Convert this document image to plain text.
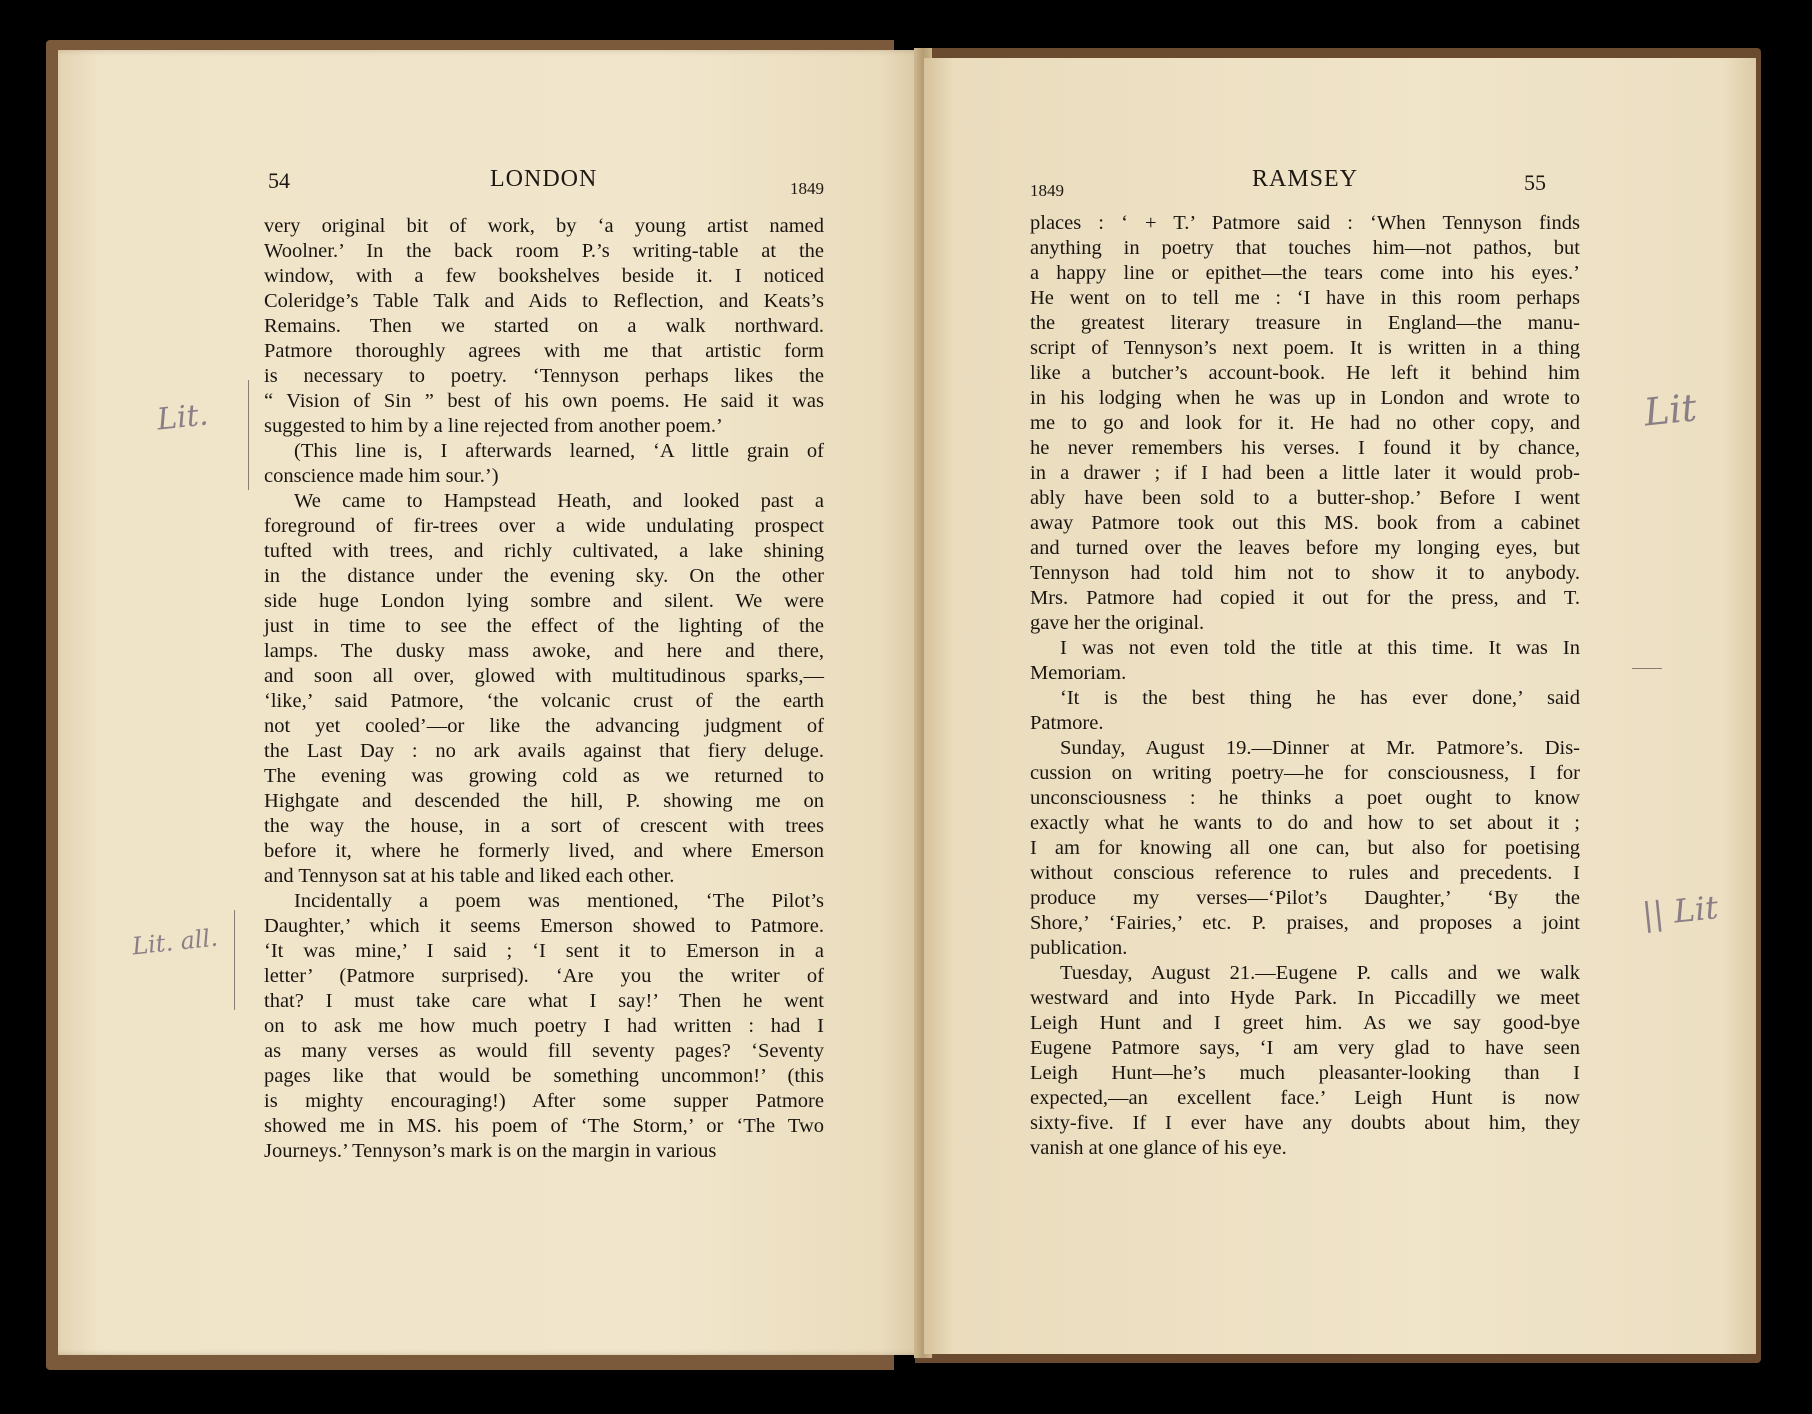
54	LONDON	1849
very original bit of work, by ‘a young artist named
Woolner.’ In the back room P.’s writing-table at the
window, with a few bookshelves beside it. I noticed
Coleridge’s Table Talk and Aids to Reflection, and Keats’s
Remains. Then we started on a walk northward.
Patmore thoroughly agrees with me that artistic form
is necessary to poetry. ‘Tennyson perhaps likes the
“ Vision of Sin ” best of his own poems. He said it was
suggested to him by a line rejected from another poem.’
(This line is, I afterwards learned, ‘A little grain of
conscience made him sour.’)
We came to Hampstead Heath, and looked past a
foreground of fir-trees over a wide undulating prospect
tufted with trees, and richly cultivated, a lake shining
in the distance under the evening sky. On the other
side huge London lying sombre and silent. We were
just in time to see the effect of the lighting of the
lamps. The dusky mass awoke, and here and there,
and soon all over, glowed with multitudinous sparks,—
‘like,’ said Patmore, ‘the volcanic crust of the earth
not yet cooled’—or like the advancing judgment of
the Last Day : no ark avails against that fiery deluge.
The evening was growing cold as we returned to
Highgate and descended the hill, P. showing me on
the way the house, in a sort of crescent with trees
before it, where he formerly lived, and where Emerson
and Tennyson sat at his table and liked each other.
Incidentally a poem was mentioned, ‘The Pilot’s
Daughter,’ which it seems Emerson showed to Patmore.
‘It was mine,’ I said ; ‘I sent it to Emerson in a
letter’ (Patmore surprised). ‘Are you the writer of
that? I must take care what I say!’ Then he went
on to ask me how much poetry I had written : had I
as many verses as would fill seventy pages? ‘Seventy
pages like that would be something uncommon!’ (this
is mighty encouraging!) After some supper Patmore
showed me in MS. his poem of ‘The Storm,’ or ‘The Two
Journeys.’ Tennyson’s mark is on the margin in various
Lit.
Lit. all.
1849	RAMSEY	55
places : ‘ + T.’ Patmore said : ‘When Tennyson finds
anything in poetry that touches him—not pathos, but
a happy line or epithet—the tears come into his eyes.’
He went on to tell me : ‘I have in this room perhaps
the greatest literary treasure in England—the manu-
script of Tennyson’s next poem. It is written in a thing
like a butcher’s account-book. He left it behind him
in his lodging when he was up in London and wrote to
me to go and look for it. He had no other copy, and
he never remembers his verses. I found it by chance,
in a drawer ; if I had been a little later it would prob-
ably have been sold to a butter-shop.’ Before I went
away Patmore took out this MS. book from a cabinet
and turned over the leaves before my longing eyes, but
Tennyson had told him not to show it to anybody.
Mrs. Patmore had copied it out for the press, and T.
gave her the original.
I was not even told the title at this time. It was In
Memoriam.
‘It is the best thing he has ever done,’ said
Patmore.
Sunday, August 19.—Dinner at Mr. Patmore’s. Dis-
cussion on writing poetry—he for consciousness, I for
unconsciousness : he thinks a poet ought to know
exactly what he wants to do and how to set about it ;
I am for knowing all one can, but also for poetising
without conscious reference to rules and precedents. I
produce my verses—‘Pilot’s Daughter,’ ‘By the
Shore,’ ‘Fairies,’ etc. P. praises, and proposes a joint
publication.
Tuesday, August 21.—Eugene P. calls and we walk
westward and into Hyde Park. In Piccadilly we meet
Leigh Hunt and I greet him. As we say good-bye
Eugene Patmore says, ‘I am very glad to have seen
Leigh Hunt—he’s much pleasanter-looking than I
expected,—an excellent face.’ Leigh Hunt is now
sixty-five. If I ever have any doubts about him, they
vanish at one glance of his eye.
Lit
|| Lit
